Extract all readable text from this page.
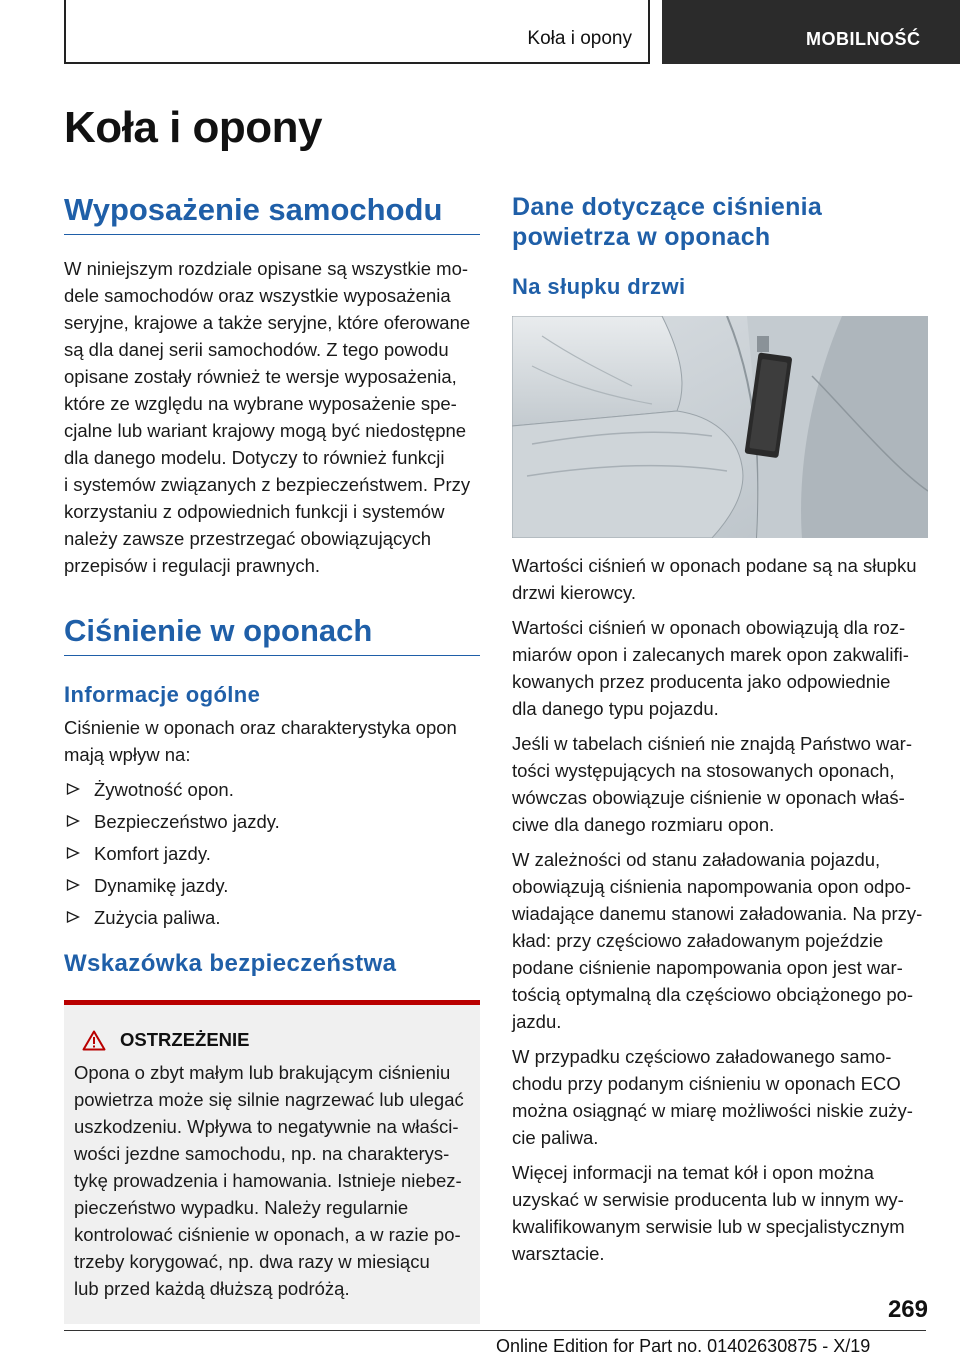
Koła i opony	MOBILNOŚĆ
Koła i opony
Wyposażenie samochodu

W niniejszym rozdziale opisane są wszystkie mo‐

dele samochodów oraz wszystkie wyposażenia

seryjne, krajowe a także seryjne, które oferowane

są dla danej serii samochodów. Z tego powodu

opisane zostały również te wersje wyposażenia,

które ze względu na wybrane wyposażenie spe‐

cjalne lub wariant krajowy mogą być niedostępne

dla danego modelu. Dotyczy to również funkcji

i systemów związanych z bezpieczeństwem. Przy

korzystaniu z odpowiednich funkcji i systemów

należy zawsze przestrzegać obowiązujących

przepisów i regulacji prawnych.

Ciśnienie w oponach
Informacje ogólne

Ciśnienie w oponach oraz charakterystyka opon

mają wpływ na:

Żywotność opon.
Bezpieczeństwo jazdy.
Komfort jazdy.
Dynamikę jazdy.
Zużycia paliwa.
Wskazówka bezpieczeństwa
OSTRZEŻENIE

Opona o zbyt małym lub brakującym ciśnieniu

powietrza może się silnie nagrzewać lub ulegać

uszkodzeniu. Wpływa to negatywnie na właści‐

wości jezdne samochodu, np. na charakterys‐

tykę prowadzenia i hamowania. Istnieje niebez‐

pieczeństwo wypadku. Należy regularnie

kontrolować ciśnienie w oponach, a w razie po‐

trzeby korygować, np. dwa razy w miesiącu

lub przed każdą dłuższą podróżą.

Dane dotyczące ciśnienia
powietrza w oponach
Na słupku drzwi

Wartości ciśnień w oponach podane są na słupku

drzwi kierowcy.

Wartości ciśnień w oponach obowiązują dla roz‐

miarów opon i zalecanych marek opon zakwalifi‐

kowanych przez producenta jako odpowiednie

dla danego typu pojazdu.

Jeśli w tabelach ciśnień nie znajdą Państwo war‐

tości występujących na stosowanych oponach,

wówczas obowiązuje ciśnienie w oponach właś‐

ciwe dla danego rozmiaru opon.

W zależności od stanu załadowania pojazdu,

obowiązują ciśnienia napompowania opon odpo‐

wiadające danemu stanowi załadowania. Na przy‐

kład: przy częściowo załadowanym pojeździe

podane ciśnienie napompowania opon jest war‐

tością optymalną dla częściowo obciążonego po‐

jazdu.

W przypadku częściowo załadowanego samo‐

chodu przy podanym ciśnieniu w oponach ECO

można osiągnąć w miarę możliwości niskie zuży‐

cie paliwa.

Więcej informacji na temat kół i opon można

uzyskać w serwisie producenta lub w innym wy‐

kwalifikowanym serwisie lub w specjalistycznym

warsztacie.

269
Online Edition for Part no. 01402630875 - X/19
